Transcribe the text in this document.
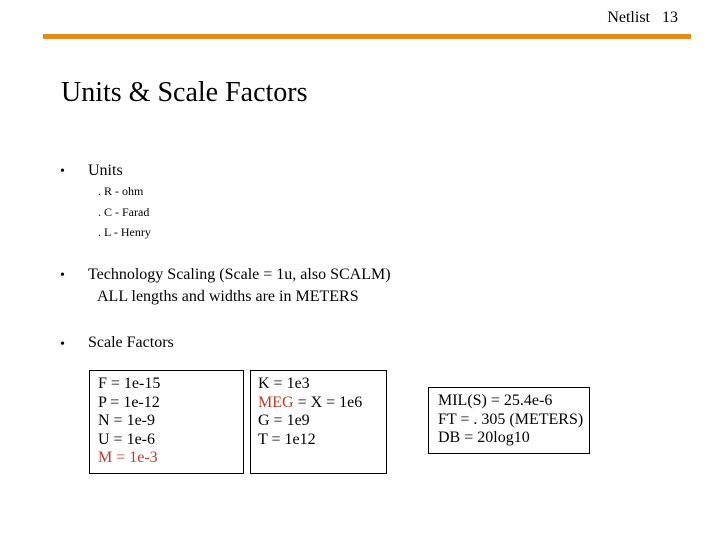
Netlist 13
Units & Scale Factors
• Units
. R - ohm
. C - Farad
. L - Henry
• Technology Scaling (Scale = 1u, also SCALM)
ALL lengths and widths are in METERS
• Scale Factors
F = 1e-15
P = 1e-12
N = 1e-9
U = 1e-6
M = 1e-3
K = 1e3
MEG = X = 1e6
G = 1e9
T = 1e12
MIL(S) = 25.4e-6
FT = . 305 (METERS)
DB = 20log10
